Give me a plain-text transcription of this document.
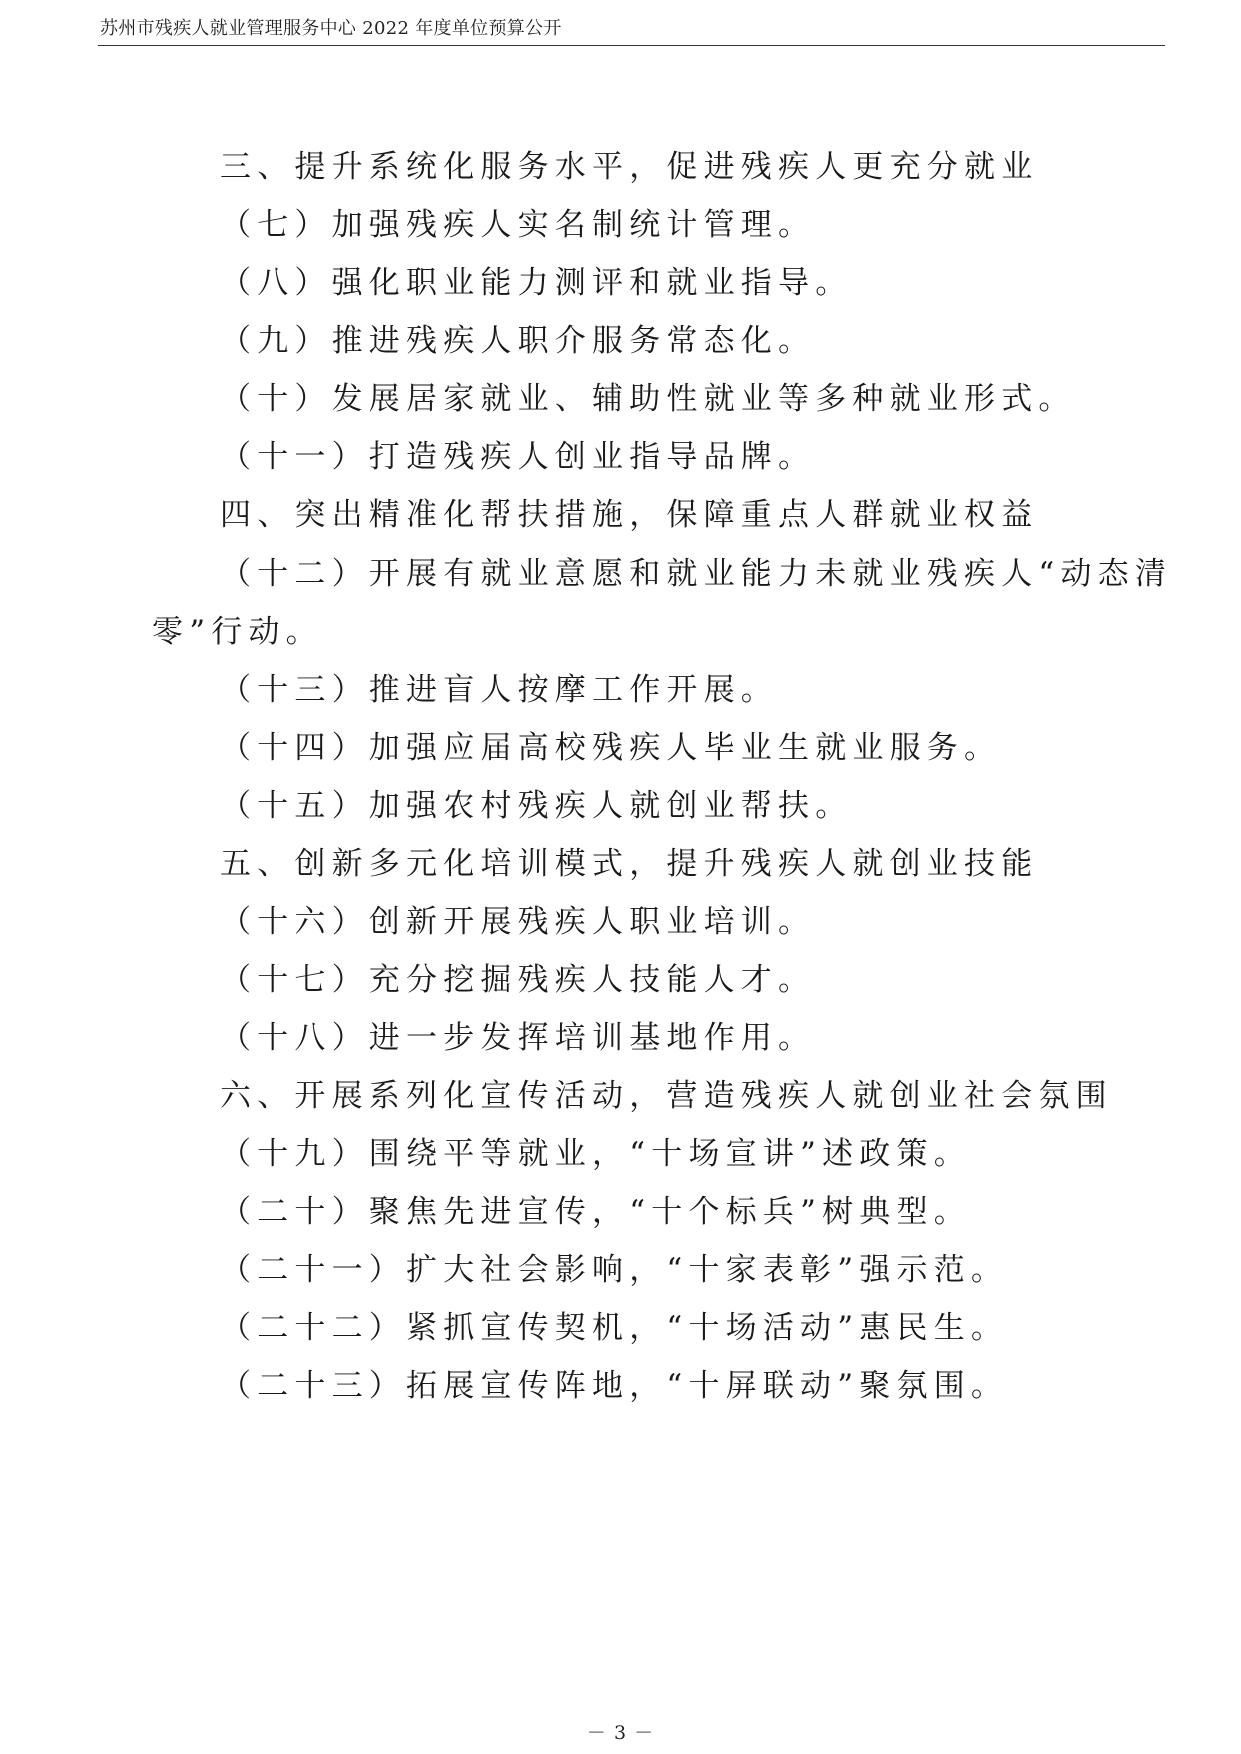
苏州市残疾人就业管理服务中心 2022 年度单位预算公开
三、提升系统化服务水平，促进残疾人更充分就业
（七）加强残疾人实名制统计管理。
（八）强化职业能力测评和就业指导。
（九）推进残疾人职介服务常态化。
（十）发展居家就业、辅助性就业等多种就业形式。
（十一）打造残疾人创业指导品牌。
四、突出精准化帮扶措施，保障重点人群就业权益
（十二）开展有就业意愿和就业能力未就业残疾人“动态清
零”行动。
（十三）推进盲人按摩工作开展。
（十四）加强应届高校残疾人毕业生就业服务。
（十五）加强农村残疾人就创业帮扶。
五、创新多元化培训模式，提升残疾人就创业技能
（十六）创新开展残疾人职业培训。
（十七）充分挖掘残疾人技能人才。
（十八）进一步发挥培训基地作用。
六、开展系列化宣传活动，营造残疾人就创业社会氛围
（十九）围绕平等就业，“十场宣讲”述政策。
（二十）聚焦先进宣传，“十个标兵”树典型。
（二十一）扩大社会影响，“十家表彰”强示范。
（二十二）紧抓宣传契机，“十场活动”惠民生。
（二十三）拓展宣传阵地，“十屏联动”聚氛围。
－ 3 －
